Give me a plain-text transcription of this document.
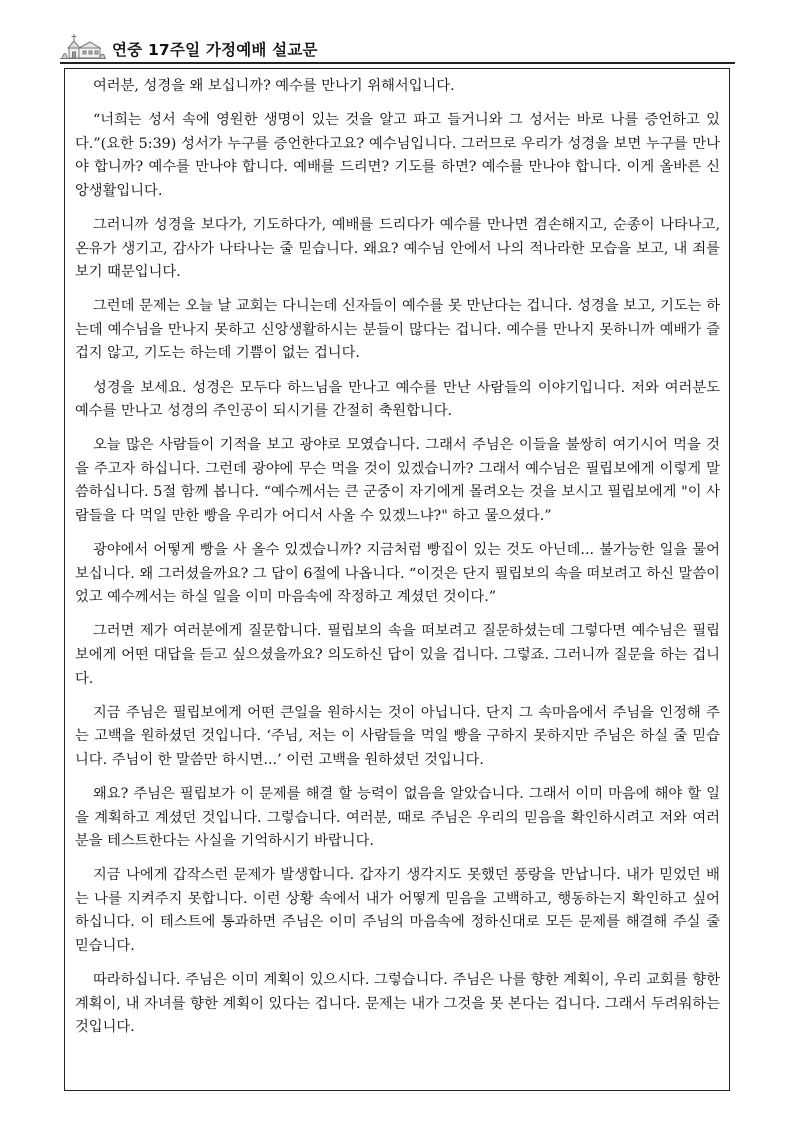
연중 17주일 가정예배 설교문

여러분, 성경을 왜 보십니까? 예수를 만나기 위해서입니다.

“너희는 성서 속에 영원한 생명이 있는 것을 알고 파고 들거니와 그 성서는 바로 나를 증언하고 있다.”(요한 5:39) 성서가 누구를 증언한다고요? 예수님입니다. 그러므로 우리가 성경을 보면 누구를 만나야 합니까? 예수를 만나야 합니다. 예배를 드리면? 기도를 하면? 예수를 만나야 합니다. 이게 올바른 신앙생활입니다.

그러니까 성경을 보다가, 기도하다가, 예배를 드리다가 예수를 만나면 겸손해지고, 순종이 나타나고, 온유가 생기고, 감사가 나타나는 줄 믿습니다. 왜요? 예수님 안에서 나의 적나라한 모습을 보고, 내 죄를 보기 때문입니다.

그런데 문제는 오늘 날 교회는 다니는데 신자들이 예수를 못 만난다는 겁니다. 성경을 보고, 기도는 하는데 예수님을 만나지 못하고 신앙생활하시는 분들이 많다는 겁니다. 예수를 만나지 못하니까 예배가 즐겁지 않고, 기도는 하는데 기쁨이 없는 겁니다.

성경을 보세요. 성경은 모두다 하느님을 만나고 예수를 만난 사람들의 이야기입니다. 저와 여러분도 예수를 만나고 성경의 주인공이 되시기를 간절히 축원합니다.

오늘 많은 사람들이 기적을 보고 광야로 모였습니다. 그래서 주님은 이들을 불쌍히 여기시어 먹을 것을 주고자 하십니다. 그런데 광야에 무슨 먹을 것이 있겠습니까? 그래서 예수님은 필립보에게 이렇게 말씀하십니다. 5절 함께 봅니다. “예수께서는 큰 군중이 자기에게 몰려오는 것을 보시고 필립보에게 "이 사람들을 다 먹일 만한 빵을 우리가 어디서 사올 수 있겠느냐?" 하고 물으셨다.”

광야에서 어떻게 빵을 사 올수 있겠습니까? 지금처럼 빵집이 있는 것도 아닌데... 불가능한 일을 물어보십니다. 왜 그러셨을까요? 그 답이 6절에 나옵니다. “이것은 단지 필립보의 속을 떠보려고 하신 말씀이었고 예수께서는 하실 일을 이미 마음속에 작정하고 계셨던 것이다.”

그러면 제가 여러분에게 질문합니다. 필립보의 속을 떠보려고 질문하셨는데 그렇다면 예수님은 필립보에게 어떤 대답을 듣고 싶으셨을까요? 의도하신 답이 있을 겁니다. 그렇죠. 그러니까 질문을 하는 겁니다.

지금 주님은 필립보에게 어떤 큰일을 원하시는 것이 아닙니다. 단지 그 속마음에서 주님을 인정해 주는 고백을 원하셨던 것입니다. ‘주님, 저는 이 사람들을 먹일 빵을 구하지 못하지만 주님은 하실 줄 믿습니다. 주님이 한 말씀만 하시면...’ 이런 고백을 원하셨던 것입니다.

왜요? 주님은 필립보가 이 문제를 해결 할 능력이 없음을 알았습니다. 그래서 이미 마음에 해야 할 일을 계획하고 계셨던 것입니다. 그렇습니다. 여러분, 때로 주님은 우리의 믿음을 확인하시려고 저와 여러분을 테스트한다는 사실을 기억하시기 바랍니다.

지금 나에게 갑작스런 문제가 발생합니다. 갑자기 생각지도 못했던 풍랑을 만납니다. 내가 믿었던 배는 나를 지켜주지 못합니다. 이런 상황 속에서 내가 어떻게 믿음을 고백하고, 행동하는지 확인하고 싶어 하십니다. 이 테스트에 통과하면 주님은 이미 주님의 마음속에 정하신대로 모든 문제를 해결해 주실 줄 믿습니다.

따라하십니다. 주님은 이미 계획이 있으시다. 그렇습니다. 주님은 나를 향한 계획이, 우리 교회를 향한 계획이, 내 자녀를 향한 계획이 있다는 겁니다. 문제는 내가 그것을 못 본다는 겁니다. 그래서 두려워하는 것입니다.
